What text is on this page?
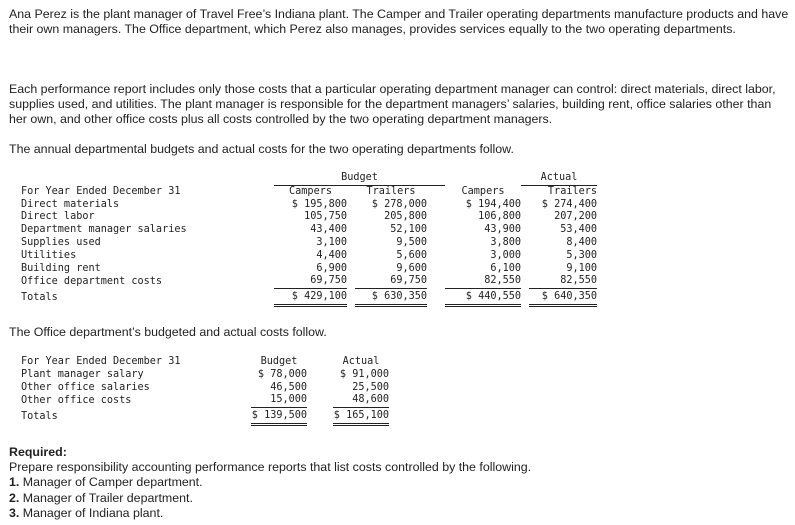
Ana Perez is the plant manager of Travel Free’s Indiana plant. The Camper and Trailer operating departments manufacture products and have their own managers. The Office department, which Perez also manages, provides services equally to the two operating departments.

Each performance report includes only those costs that a particular operating department manager can control: direct materials, direct labor, supplies used, and utilities. The plant manager is responsible for the department managers’ salaries, building rent, office salaries other than her own, and other office costs plus all costs controlled by the two operating department managers.

The annual departmental budgets and actual costs for the two operating departments follow.

	Budget					Actual	
For Year Ended December 31	Campers		Trailers		Campers		Trailers
Direct materials	$ 195,800		$ 278,000		$ 194,400		$ 274,400
Direct labor	105,750		205,800		106,800		207,200
Department manager salaries	43,400		52,100		43,900		53,400
Supplies used	3,100		9,500		3,800		8,400
Utilities	4,400		5,600		3,000		5,300
Building rent	6,900		9,600		6,100		9,100
Office department costs	69,750		69,750		82,550		82,550
Totals	$ 429,100		$ 630,350		$ 440,550		$ 640,350

The Office department’s budgeted and actual costs follow.

For Year Ended December 31	Budget		Actual
Plant manager salary	$ 78,000		$ 91,000
Other office salaries	46,500		25,500
Other office costs	15,000		48,600
Totals	$ 139,500		$ 165,100
Required:
Prepare responsibility accounting performance reports that list costs controlled by the following.
1. Manager of Camper department.
2. Manager of Trailer department.
3. Manager of Indiana plant.
